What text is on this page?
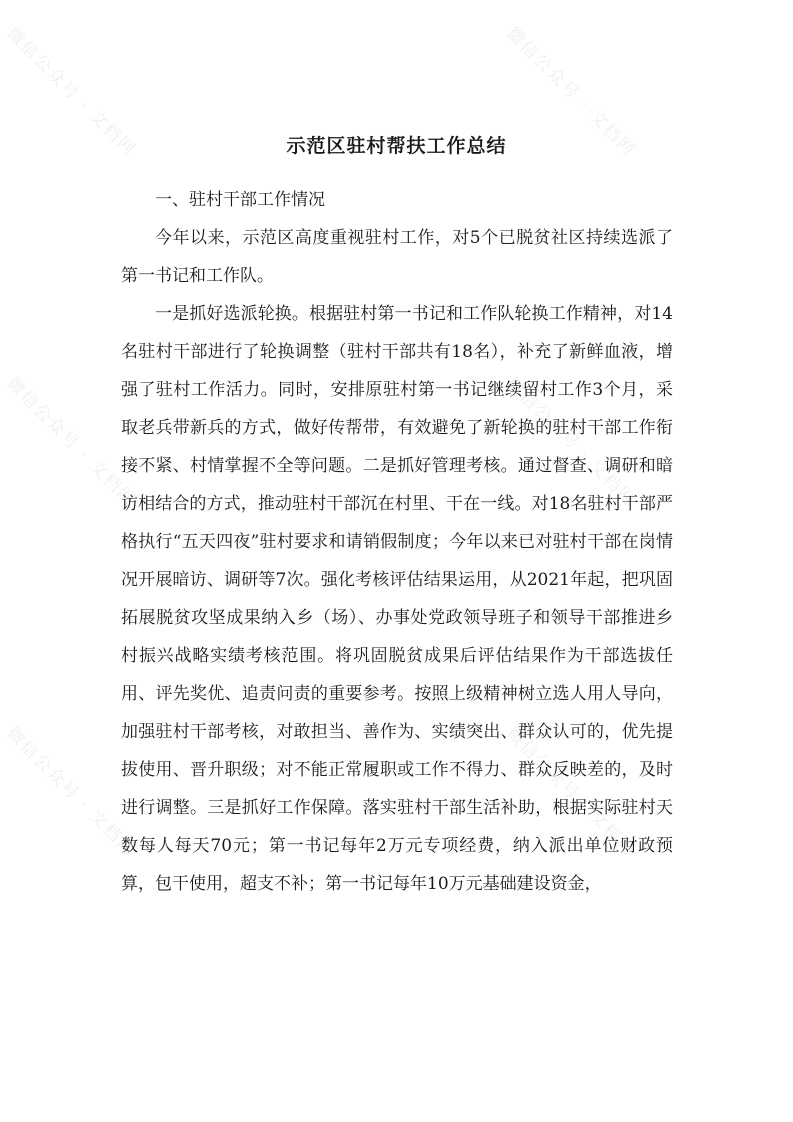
微信公众号 · 文档网	微信公众号 · 文档网
微信公众号 · 文档网	微信公众号 · 文档网
微信公众号 · 文档网	微信公众号 · 文档网
示范区驻村帮扶工作总结

一、驻村干部工作情况

今年以来，示范区高度重视驻村工作，对5个已脱贫社区持续选派了第一书记和工作队。

一是抓好选派轮换。根据驻村第一书记和工作队轮换工作精神，对14名驻村干部进行了轮换调整（驻村干部共有18名），补充了新鲜血液，增强了驻村工作活力。同时，安排原驻村第一书记继续留村工作3个月，采取老兵带新兵的方式，做好传帮带，有效避免了新轮换的驻村干部工作衔接不紧、村情掌握不全等问题。二是抓好管理考核。通过督查、调研和暗访相结合的方式，推动驻村干部沉在村里、干在一线。对18名驻村干部严格执行“五天四夜”驻村要求和请销假制度；今年以来已对驻村干部在岗情况开展暗访、调研等7次。强化考核评估结果运用，从2021年起，把巩固拓展脱贫攻坚成果纳入乡（场）、办事处党政领导班子和领导干部推进乡村振兴战略实绩考核范围。将巩固脱贫成果后评估结果作为干部选拔任用、评先奖优、追责问责的重要参考。按照上级精神树立选人用人导向，加强驻村干部考核，对敢担当、善作为、实绩突出、群众认可的，优先提拔使用、晋升职级；对不能正常履职或工作不得力、群众反映差的，及时进行调整。三是抓好工作保障。落实驻村干部生活补助，根据实际驻村天数每人每天70元；第一书记每年2万元专项经费，纳入派出单位财政预算，包干使用，超支不补；第一书记每年10万元基础建设资金，
